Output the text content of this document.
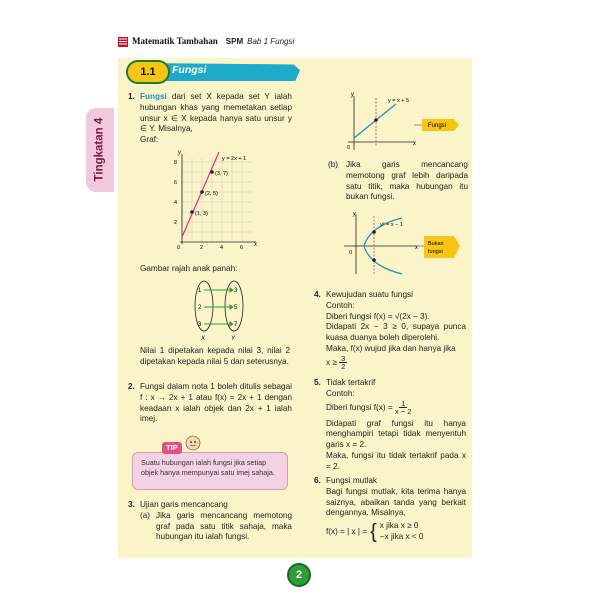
Matematik Tambahan SPM Bab 1 Fungsi
Tingkatan 4
1.1	Fungsi
1. Fungsi dari set X kepada set Y ialah hubungan khas yang memetakan setiap unsur x ∈ X kepada hanya satu unsur y ∈ Y. Misalnya,
Graf:
x
y
(1, 3)
(2, 5)
(3, 7)
y = 2x + 1
0	2	4	6
2
4
6
8
Gambar rajah anak panah:
1
2
3
3
5
7
X	Y
Nilai 1 dipetakan kepada nilai 3, nilai 2 dipetakan kepada nilai 5 dan seterusnya.
2. Fungsi dalam nota 1 boleh ditulis sebagai f : x → 2x + 1 atau f(x) = 2x + 1 dengan keadaan x ialah objek dan 2x + 1 ialah imej.
Suatu hubungan ialah fungsi jika setiap objek hanya mempunyai satu imej sahaja.
TIP
3. Ujian garis mencancang
(a) Jika garis mencancang memotong graf pada satu titik sahaja, maka hubungan itu ialah fungsi.
y
x
0
y = x + 5
Fungsi
(b) Jika garis mencancang memotong graf lebih daripada satu titik, maka hubungan itu bukan fungsi.
y
x
0
y² = x − 1
Bukan
fungsi
4. Kewujudan suatu fungsi
Contoh:
Diberi fungsi f(x) = √(2x − 3).
Didapati 2x − 3 ≥ 0, supaya punca kuasa duanya boleh diperolehi.
Maka, f(x) wujud jika dan hanya jika
$x \ge \frac{3}{2}$
5. Tidak tertakrif
Contoh:
Diberi fungsi $f(x) = \frac{1}{x - 2}$
Didapati graf fungsi itu hanya menghampiri tetapi tidak menyentuh garis x = 2.
Maka, fungsi itu tidak tertakrif pada x = 2.
6. Fungsi mutlak
Bagi fungsi mutlak, kita terima hanya saiznya, abaikan tanda yang berkait dengannya. Misalnya,
f(x) = | x | = { x jika x ≥ 0
−x jika x < 0
2
